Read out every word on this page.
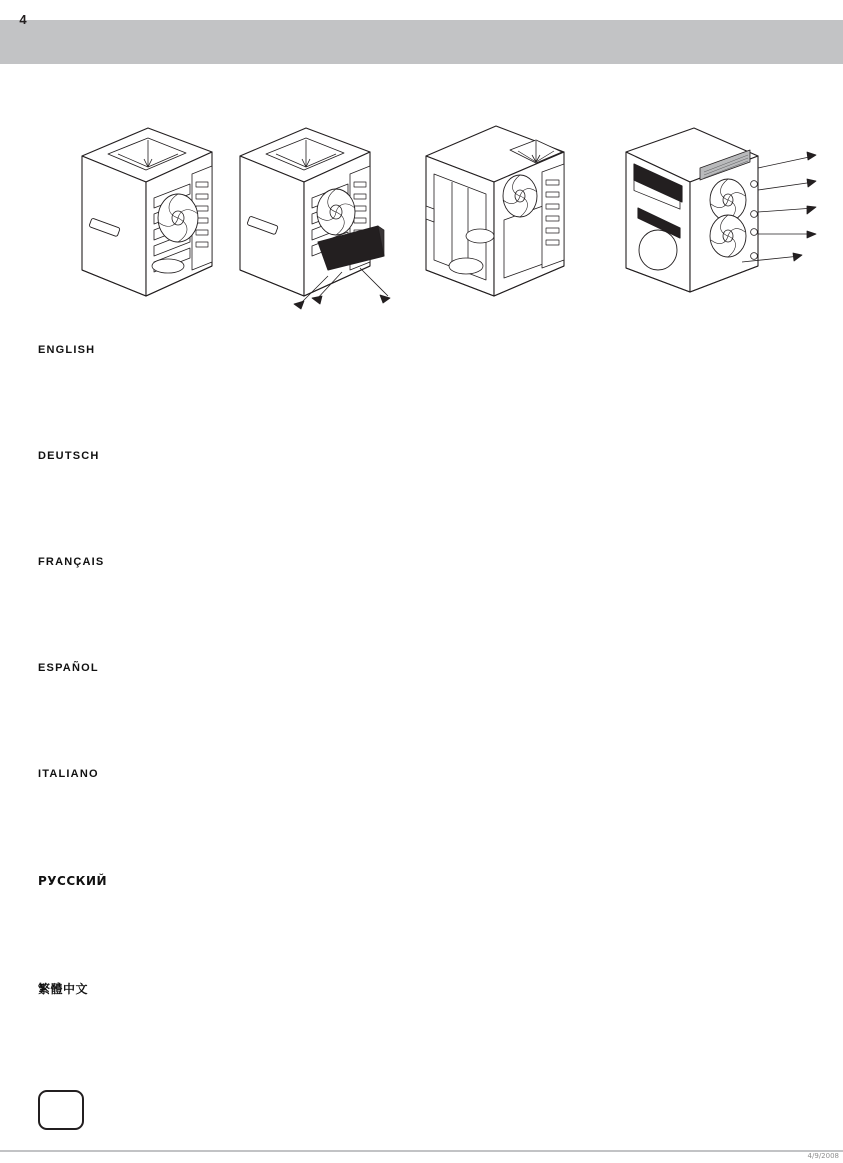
ENGLISH
DEUTSCH
FRANÇAIS
ESPAÑOL
ITALIANO
РУССКИЙ
繁體中文
4
4/9/2008
